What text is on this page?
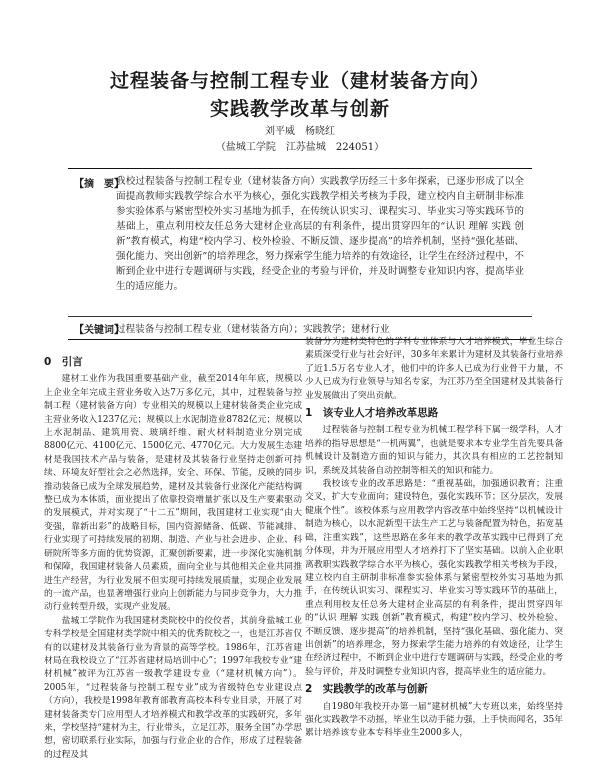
过程装备与控制工程专业（建材装备方向）
实践教学改革与创新
刘平威　杨晓红
（盐城工学院　江苏盐城　224051）
【摘　要】
我校过程装备与控制工程专业（建材装备方向）实践教学历经三十多年探索，已逐步形成了以全面提高教师实践教学综合水平为核心，强化实践教学相关考核为手段，建立校内自主研制非标准参实验体系与紧密型校外实习基地为抓手，在传统认识实习、课程实习、毕业实习等实践环节的基础上，重点利用校友任总务大建材企业高层的有利条件，提出贯穿四年的“认识 理解 实践 创新”教育模式，构建“校内学习、校外检验、不断反馈、逐步提高”的培养机制，坚持“强化基础、强化能力、突出创新”的培养理念，努力探索学生能力培养的有效途径，让学生在经济过程中，不断到企业中进行专题调研与实践，经受企业的考验与评价，并及时调整专业知识内容，提高毕业生的适应能力。
【关键词】
过程装备与控制工程专业（建材装备方向）；实践教学；建材行业
0　引言

建材工业作为我国重要基础产业，截至2014年年底，规模以上企业全年完成主营业务收入达7万多亿元，其中，过程装备与控制工程（建材装备方向）专业相关的规模以上建材装备类企业完成主营业务收入1237亿元；规模以上水泥制造业8782亿元；规模以上水泥制品、建筑用瓷、玻璃纤维、耐火材料制造业分别完成8800亿元、4100亿元、1500亿元、4770亿元。大力发展生态建材是我国技术产品与装备，是建材及其装备行业坚持走创新可持续、环境友好型社会之必然选择，安全、环保、节能，反映的同步推动装备已成为全球发展趋势，建材及其装备行业深化产能结构调整已成为本体质，面业提出了依靠投资增量扩张以及生产要素驱动的发展模式，并对实现了“十二五”期间，我国建材工业实现“由大变强，靠新出彩”的战略目标，国内资源储备、低碳、节能减排、行业实现了可持续发展的初期、制造、产业与社会进步、企业、科研院所等多方面的优势资源，汇聚创新要素，进一步深化实施机制和保障，我国建材装备人员素质，面向全业与其他相关企业共同推进生产经营，为行业发展不但实现可持续发展质量，实现企业发展的一流产品，也显著增强行业向上创新能力与同步竞争力，大力推动行业转型升级，实现产业发展。

盐城工学院作为我国建材类院校中的佼佼者，其前身盐城工业专科学校是全国建材类学院中相关的优秀院校之一，也是江苏省仅有的以建材及其装备行业为背景的高等学校。1986年，江苏省建材局在我校设立了“江苏省建材局培训中心”；1997年我校专业“建材机械”被评为江苏省一级教学建设专业（“建材机械方向”）。2005年，“过程装备与控制工程专业”成为省级特色专业建设点（方向），我校是1998年教育部教育高校本科专业目录，开展了对建材装备类专门应用型人才培养模式和教学改革的实践研究，多年来，学校坚持“建材为主，行业带头，立足江苏，服务全国”办学思想，密切联系行业实际，加强与行业企业的合作，形成了过程装备的过程及其

装备分为建材类特色的学科专业体系与人才培养模式，毕业生综合素质深受行业与社会好评，30多年来累计为建材及其装备行业培养了近1.5万名专业人才，他们中的许多人已成为行业骨干力量，不少人已成为行业领导与知名专家，为江苏乃至全国建材及其装备行业发展做出了突出贡献。

1　该专业人才培养改革思路

过程装备与控制工程专业为机械工程学科下属一级学科，人才培养的指导思想是“一机两翼”，也就是要求本专业学生首先要具备机械设计及制造方面的知识与能力，其次具有相应的工艺控制知识，系统及其装备自动控制等相关的知识和能力。

我校该专业的改革思路是：“重视基础，加强通识教育；注重交叉，扩大专业面向；建设特色，强化实践环节；区分层次，发展健康个性”。该校体系与应用教学内容改革中始终坚持“以机械设计制造为核心，以水泥新型干法生产工艺与装备配置为特色，拓宽基础，注重实践”，这些思路在多年来的教学改革实践中已得到了充分体现，并为开展应用型人才培养打下了坚实基础。以前入企业职离教职实践教学综合水平为核心，强化实践教学相关考核为手段，建立校内自主研制非标准参实验体系与紧密型校外实习基地为抓手，在传统认识实习、课程实习、毕业实习等实践环节的基础上，重点利用校友任总务大建材企业高层的有利条件，提出贯穿四年的“认识 理解 实践 创新”教育模式，构建“校内学习、校外检验、不断反馈、逐步提高”的培养机制，坚持“强化基础、强化能力、突出创新”的培养理念，努力探索学生能力培养的有效途径，让学生在经济过程中，不断到企业中进行专题调研与实践，经受企业的考验与评价，并及时调整专业知识内容，提高毕业生的适应能力。

2　实践教学的改革与创新

自1980年我校开办第一届“建材机械”大专班以来，始终坚持强化实践教学不动摇，毕业生以动手能力强，上手快而闻名，35年累计培养该专业本专科毕业生2000多人，
